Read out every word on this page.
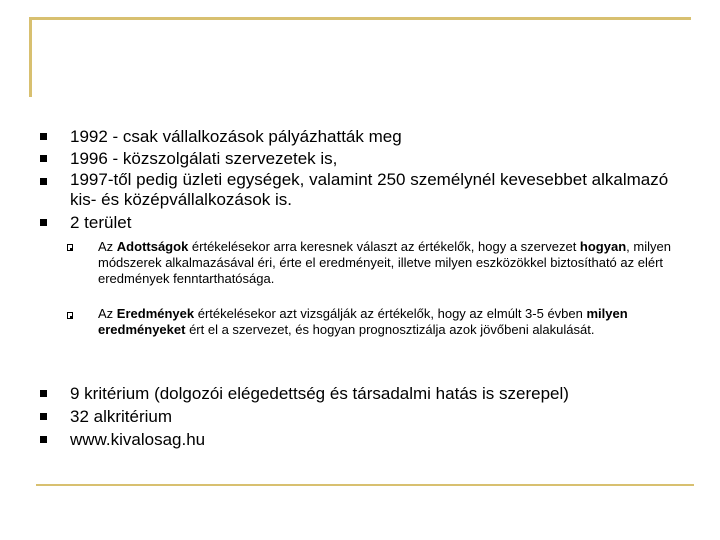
1992 - csak vállalkozások pályázhatták meg
1996 - közszolgálati szervezetek is,
1997-től pedig üzleti egységek, valamint 250 személynél kevesebbet alkalmazó kis- és középvállalkozások is.
2 terület
Az Adottságok értékelésekor arra keresnek választ az értékelők, hogy a szervezet hogyan, milyen módszerek alkalmazásával éri, érte el eredményeit, illetve milyen eszközökkel biztosítható az elért eredmények fenntarthatósága.
Az Eredmények értékelésekor azt vizsgálják az értékelők, hogy az elmúlt 3-5 évben milyen eredményeket ért el a szervezet, és hogyan prognosztizálja azok jövőbeni alakulását.
9 kritérium (dolgozói elégedettség és társadalmi hatás is szerepel)
32 alkritérium
www.kivalosag.hu
